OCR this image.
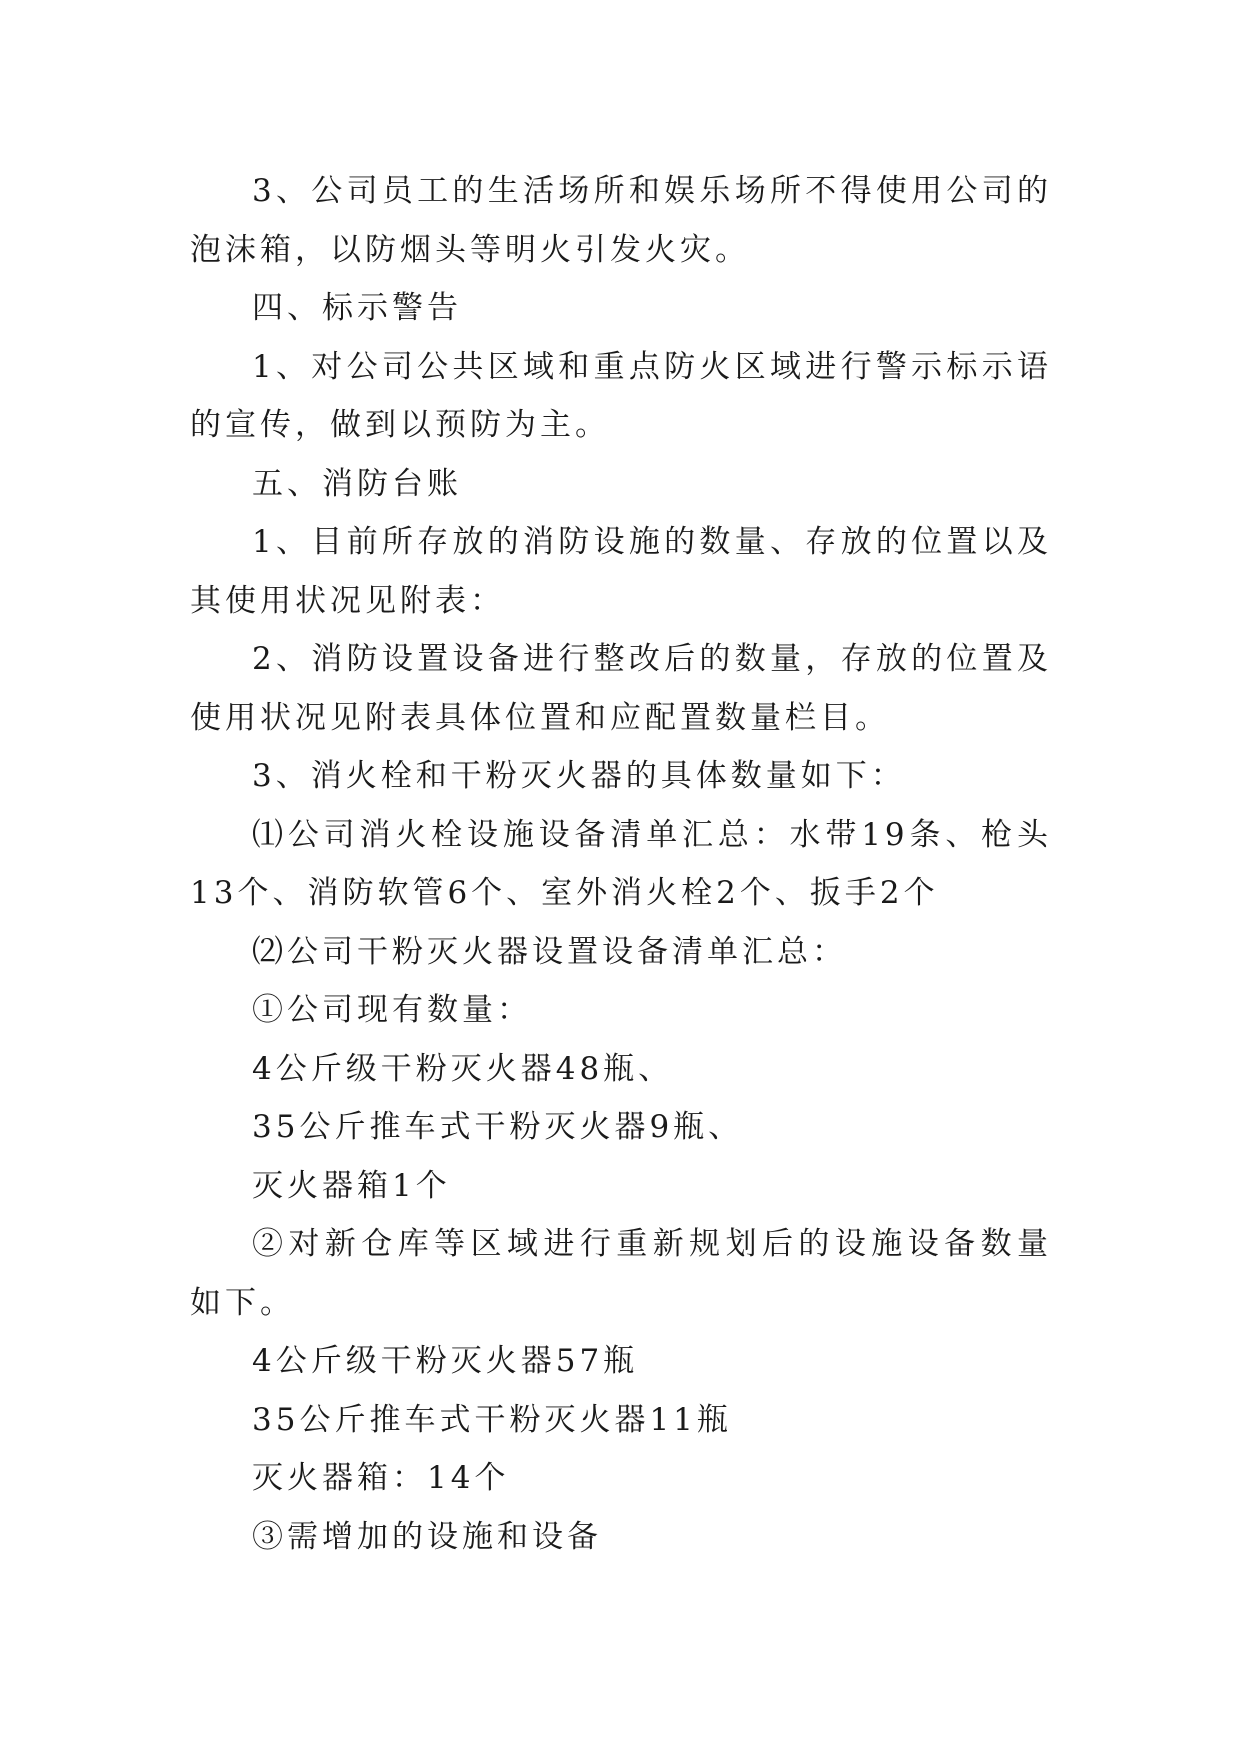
3、公司员工的生活场所和娱乐场所不得使用公司的泡沫箱，以防烟头等明火引发火灾。

四、标示警告

1、对公司公共区域和重点防火区域进行警示标示语的宣传，做到以预防为主。

五、消防台账

1、目前所存放的消防设施的数量、存放的位置以及其使用状况见附表：

2、消防设置设备进行整改后的数量，存放的位置及使用状况见附表具体位置和应配置数量栏目。

3、消火栓和干粉灭火器的具体数量如下：

⑴公司消火栓设施设备清单汇总：水带19条、枪头13个、消防软管6个、室外消火栓2个、扳手2个

⑵公司干粉灭火器设置设备清单汇总：

①公司现有数量：

4公斤级干粉灭火器48瓶、

35公斤推车式干粉灭火器9瓶、

灭火器箱1个

②对新仓库等区域进行重新规划后的设施设备数量如下。

4公斤级干粉灭火器57瓶

35公斤推车式干粉灭火器11瓶

灭火器箱：14个

③需增加的设施和设备
